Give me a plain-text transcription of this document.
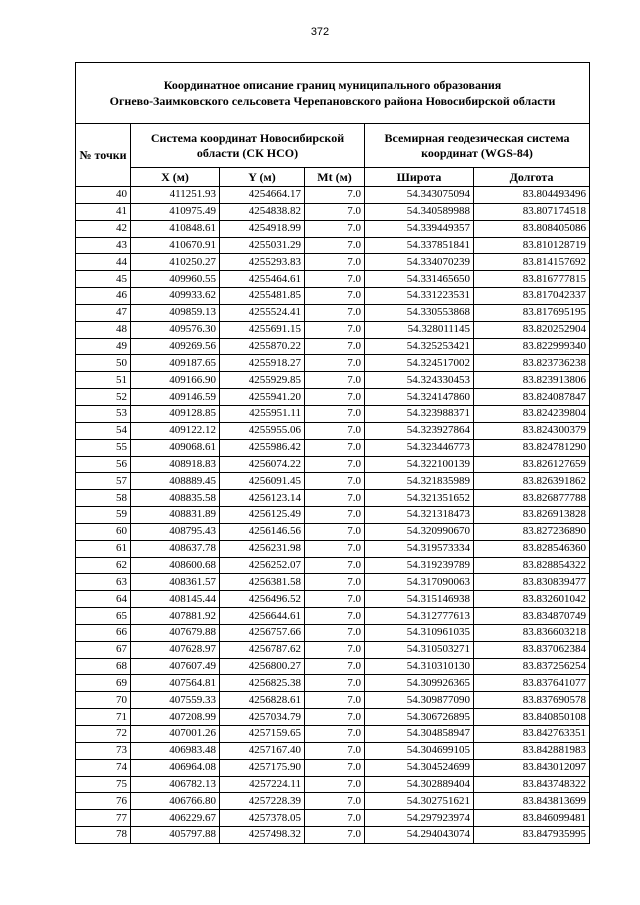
372
Координатное описание границ муниципального образования
Огнево-Заимковского сельсовета Черепановского района Новосибирской области					

№ точки	Система координат Новосибирской области (СК НСО)			Всемирная геодезическая система координат (WGS-84)	
	X (м)	Y (м)	Mt (м)	Широта	Долгота
40	411251.93	4254664.17	7.0	54.343075094	83.804493496
41	410975.49	4254838.82	7.0	54.340589988	83.807174518
42	410848.61	4254918.99	7.0	54.339449357	83.808405086
43	410670.91	4255031.29	7.0	54.337851841	83.810128719
44	410250.27	4255293.83	7.0	54.334070239	83.814157692
45	409960.55	4255464.61	7.0	54.331465650	83.816777815
46	409933.62	4255481.85	7.0	54.331223531	83.817042337
47	409859.13	4255524.41	7.0	54.330553868	83.817695195
48	409576.30	4255691.15	7.0	54.328011145	83.820252904
49	409269.56	4255870.22	7.0	54.325253421	83.822999340
50	409187.65	4255918.27	7.0	54.324517002	83.823736238
51	409166.90	4255929.85	7.0	54.324330453	83.823913806
52	409146.59	4255941.20	7.0	54.324147860	83.824087847
53	409128.85	4255951.11	7.0	54.323988371	83.824239804
54	409122.12	4255955.06	7.0	54.323927864	83.824300379
55	409068.61	4255986.42	7.0	54.323446773	83.824781290
56	408918.83	4256074.22	7.0	54.322100139	83.826127659
57	408889.45	4256091.45	7.0	54.321835989	83.826391862
58	408835.58	4256123.14	7.0	54.321351652	83.826877788
59	408831.89	4256125.49	7.0	54.321318473	83.826913828
60	408795.43	4256146.56	7.0	54.320990670	83.827236890
61	408637.78	4256231.98	7.0	54.319573334	83.828546360
62	408600.68	4256252.07	7.0	54.319239789	83.828854322
63	408361.57	4256381.58	7.0	54.317090063	83.830839477
64	408145.44	4256496.52	7.0	54.315146938	83.832601042
65	407881.92	4256644.61	7.0	54.312777613	83.834870749
66	407679.88	4256757.66	7.0	54.310961035	83.836603218
67	407628.97	4256787.62	7.0	54.310503271	83.837062384
68	407607.49	4256800.27	7.0	54.310310130	83.837256254
69	407564.81	4256825.38	7.0	54.309926365	83.837641077
70	407559.33	4256828.61	7.0	54.309877090	83.837690578
71	407208.99	4257034.79	7.0	54.306726895	83.840850108
72	407001.26	4257159.65	7.0	54.304858947	83.842763351
73	406983.48	4257167.40	7.0	54.304699105	83.842881983
74	406964.08	4257175.90	7.0	54.304524699	83.843012097
75	406782.13	4257224.11	7.0	54.302889404	83.843748322
76	406766.80	4257228.39	7.0	54.302751621	83.843813699
77	406229.67	4257378.05	7.0	54.297923974	83.846099481
78	405797.88	4257498.32	7.0	54.294043074	83.847935995
